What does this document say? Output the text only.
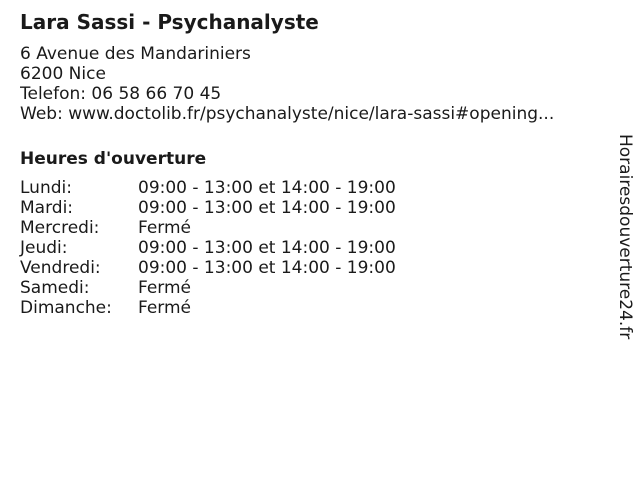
Lara Sassi - Psychanalyste
6 Avenue des Mandariniers
6200 Nice
Telefon: 06 58 66 70 45
Web: www.doctolib.fr/psychanalyste/nice/lara-sassi#opening...
Heures d'ouverture
Lundi:	09:00 - 13:00 et 14:00 - 19:00
Mardi:	09:00 - 13:00 et 14:00 - 19:00
Mercredi:	Fermé
Jeudi:	09:00 - 13:00 et 14:00 - 19:00
Vendredi:	09:00 - 13:00 et 14:00 - 19:00
Samedi:	Fermé
Dimanche:	Fermé	Horairesdouverture24.fr
